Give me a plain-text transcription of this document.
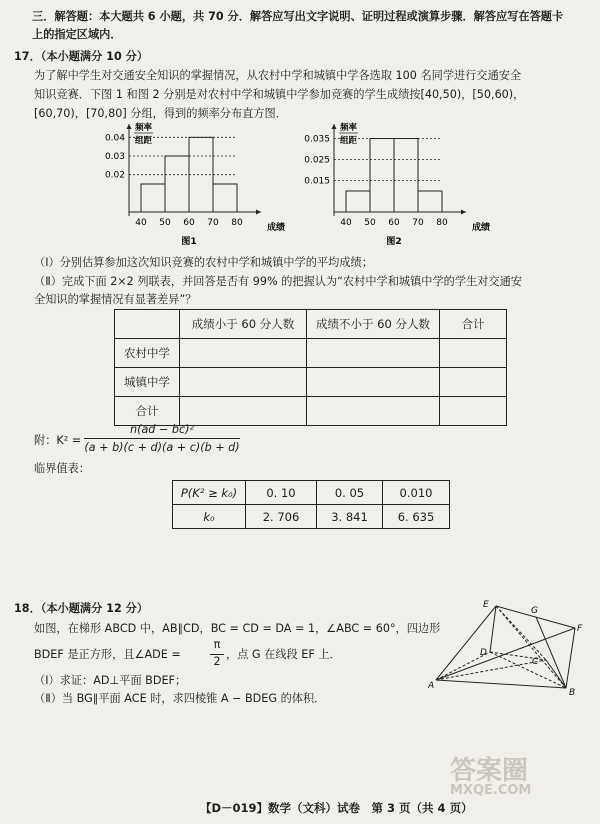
三．解答题：本大题共 6 小题，共 70 分．解答应写出文字说明、证明过程或演算步骤．解答应写在答题卡
上的指定区域内．
17．（本小题满分 10 分）
为了解中学生对交通安全知识的掌握情况，从农村中学和城镇中学各选取 100 名同学进行交通安全
知识竞赛．下图 1 和图 2 分别是对农村中学和城镇中学参加竞赛的学生成绩按[40,50)，[50,60)，
[60,70)，[70,80] 分组，得到的频率分布直方图．
频率
组距
0.04
0.03
0.02
40 50 60 70 80	成绩
图1
频率
组距
0.035
0.025
0.015
40 50 60 70 80	成绩
图2
（Ⅰ）分别估算参加这次知识竞赛的农村中学和城镇中学的平均成绩；
（Ⅱ）完成下面 2×2 列联表，并回答是否有 99% 的把握认为“农村中学和城镇中学的学生对交通安
全知识的掌握情况有显著差异”？
	成绩小于 60 分人数	成绩不小于 60 分人数	合计
农村中学			
城镇中学			
合计			
附：K² =
n(ad − bc)²
(a + b)(c + d)(a + c)(b + d)
临界值表：
P(K² ≥ k₀)	0. 10	0. 05	0.010
k₀	2. 706	3. 841	6. 635
18．（本小题满分 12 分）
如图，在梯形 ABCD 中，AB∥CD，BC = CD = DA = 1，∠ABC = 60°，四边形
BDEF 是正方形，且∠ADE =
π
2
，点 G 在线段 EF 上．
（Ⅰ）求证：AD⊥平面 BDEF；
（Ⅱ）当 BG∥平面 ACE 时，求四棱锥 A − BDEG 的体积．
E
G
F
D
C
A
B
【D－019】数学（文科）试卷　第 3 页（共 4 页）
答案圈
MXQE.COM
